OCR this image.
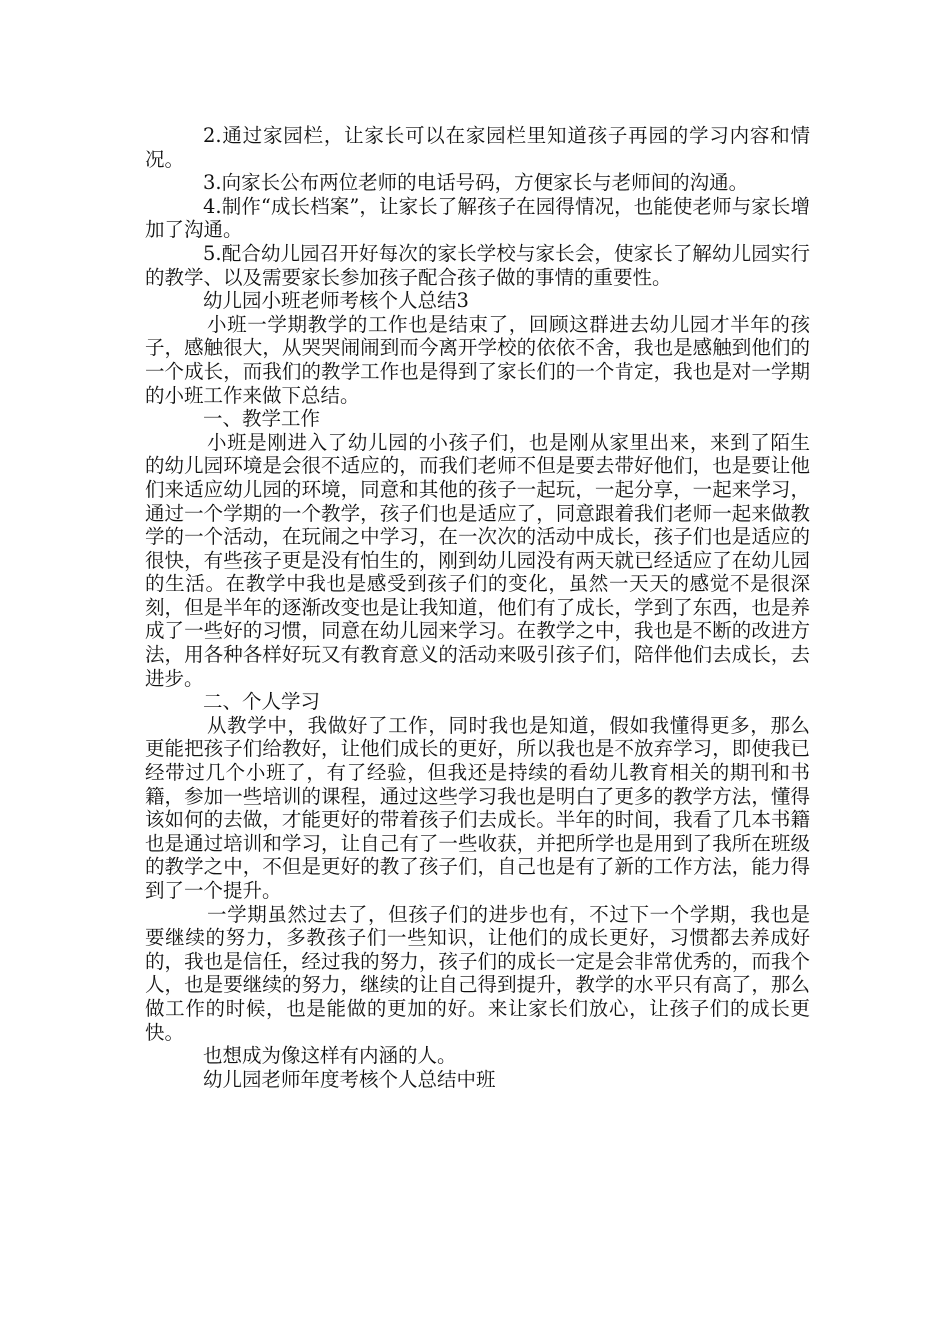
2.通过家园栏，让家长可以在家园栏里知道孩子再园的学习内容和情况。

3.向家长公布两位老师的电话号码，方便家长与老师间的沟通。

4.制作“成长档案”，让家长了解孩子在园得情况，也能使老师与家长增加了沟通。

5.配合幼儿园召开好每次的家长学校与家长会，使家长了解幼儿园实行的教学、以及需要家长参加孩子配合孩子做的事情的重要性。

幼儿园小班老师考核个人总结3

小班一学期教学的工作也是结束了，回顾这群进去幼儿园才半年的孩子，感触很大，从哭哭闹闹到而今离开学校的依依不舍，我也是感触到他们的一个成长，而我们的教学工作也是得到了家长们的一个肯定，我也是对一学期的小班工作来做下总结。

一、教学工作

小班是刚进入了幼儿园的小孩子们，也是刚从家里出来，来到了陌生的幼儿园环境是会很不适应的，而我们老师不但是要去带好他们，也是要让他们来适应幼儿园的环境，同意和其他的孩子一起玩，一起分享，一起来学习，通过一个学期的一个教学，孩子们也是适应了，同意跟着我们老师一起来做教学的一个活动，在玩闹之中学习，在一次次的活动中成长，孩子们也是适应的很快，有些孩子更是没有怕生的，刚到幼儿园没有两天就已经适应了在幼儿园的生活。在教学中我也是感受到孩子们的变化，虽然一天天的感觉不是很深刻，但是半年的逐渐改变也是让我知道，他们有了成长，学到了东西，也是养成了一些好的习惯，同意在幼儿园来学习。在教学之中，我也是不断的改进方法，用各种各样好玩又有教育意义的活动来吸引孩子们，陪伴他们去成长，去进步。

二、个人学习

从教学中，我做好了工作，同时我也是知道，假如我懂得更多，那么更能把孩子们给教好，让他们成长的更好，所以我也是不放弃学习，即使我已经带过几个小班了，有了经验，但我还是持续的看幼儿教育相关的期刊和书籍，参加一些培训的课程，通过这些学习我也是明白了更多的教学方法，懂得该如何的去做，才能更好的带着孩子们去成长。半年的时间，我看了几本书籍也是通过培训和学习，让自己有了一些收获，并把所学也是用到了我所在班级的教学之中，不但是更好的教了孩子们，自己也是有了新的工作方法，能力得到了一个提升。

一学期虽然过去了，但孩子们的进步也有，不过下一个学期，我也是要继续的努力，多教孩子们一些知识，让他们的成长更好，习惯都去养成好的，我也是信任，经过我的努力，孩子们的成长一定是会非常优秀的，而我个人，也是要继续的努力，继续的让自己得到提升，教学的水平只有高了，那么做工作的时候，也是能做的更加的好。来让家长们放心，让孩子们的成长更快。

也想成为像这样有内涵的人。

幼儿园老师年度考核个人总结中班
